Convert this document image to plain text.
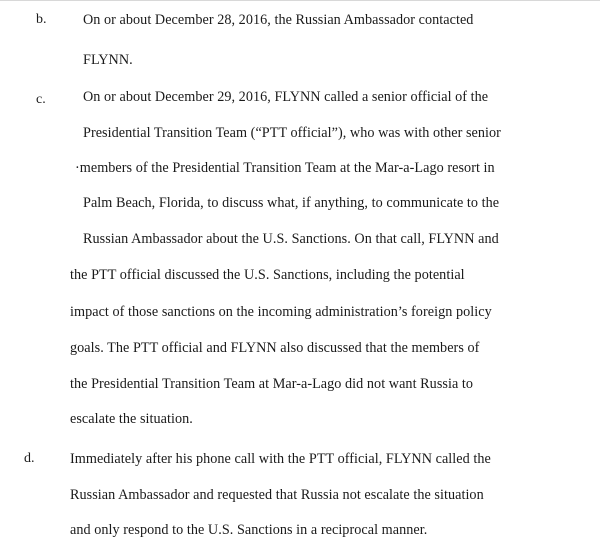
b.	On or about December 28, 2016, the Russian Ambassador contacted
FLYNN.
c.	On or about December 29, 2016, FLYNN called a senior official of the
Presidential Transition Team (“PTT official”), who was with other senior
·members of the Presidential Transition Team at the Mar-a-Lago resort in
Palm Beach, Florida, to discuss what, if anything, to communicate to the
Russian Ambassador about the U.S. Sanctions. On that call, FLYNN and
the PTT official discussed the U.S. Sanctions, including the potential
impact of those sanctions on the incoming administration’s foreign policy
goals. The PTT official and FLYNN also discussed that the members of
the Presidential Transition Team at Mar-a-Lago did not want Russia to
escalate the situation.
d.	Immediately after his phone call with the PTT official, FLYNN called the
Russian Ambassador and requested that Russia not escalate the situation
and only respond to the U.S. Sanctions in a reciprocal manner.
